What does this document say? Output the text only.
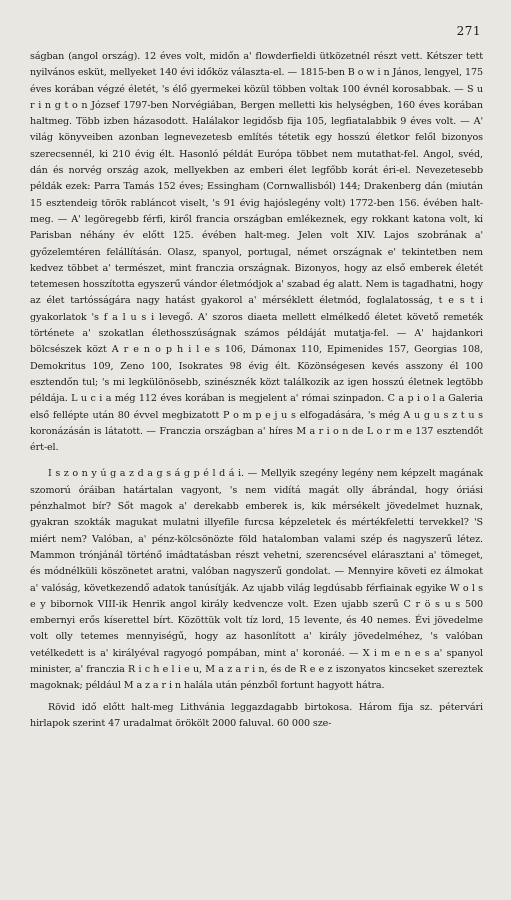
271

ságban (angol ország). 12 éves volt, midőn a' flowderfieldi ütközetnél részt vett. Kétszer tett nyilvános esküt, mellyeket 140 évi időköz választa-el. — 1815-ben B o w i n János, lengyel, 175 éves korában végzé életét, 's élő gyermekei közül többen voltak 100 évnél korosabbak. — S u r i n g t o n József 1797-ben Norvégiában, Bergen melletti kis helységben, 160 éves korában haltmeg. Több izben házasodott. Halálakor legidősb fija 105, legfiatalabbik 9 éves volt. — A' világ könyveiben azonban legnevezetesb említés tétetik egy hosszú életkor felől bizonyos szerecsennél, ki 210 évig élt. Hasonló példát Európa többet nem mutathat-fel. Angol, svéd, dán és norvég ország azok, mellyekben az emberi élet legfőbb korát éri-el. Nevezetesebb példák ezek: Parra Tamás 152 éves; Essingham (Cornwallisból) 144; Drakenberg dán (miután 15 esztendeig török rabláncot viselt, 's 91 évig hajóslegény volt) 1772-ben 156. évében halt-meg. — A' legöregebb férfi, kiről francia országban emlékeznek, egy rokkant katona volt, ki Parisban néhány év előtt 125. évében halt-meg. Jelen volt XIV. Lajos szobrának a' győzelemtéren felállításán. Olasz, spanyol, portugal, német országnak e' tekintetben nem kedvez többet a' természet, mint franczia országnak. Bizonyos, hogy az első emberek életét tetemesen hosszította egyszerű vándor életmódjok a' szabad ég alatt. Nem is tagadhatni, hogy az élet tartósságára nagy hatást gyakorol a' mérséklett életmód, foglalatosság, t e s t i gyakorlatok 's f a l u s i levegő. A' szoros diaeta mellett elmélkedő életet követő remeték története a' szokatlan élethosszúságnak számos példáját mutatja-fel. — A' hajdankori bölcsészek közt A r e n o p h i l e s 106, Dámonax 110, Epimenides 157, Georgias 108, Demokritus 109, Zeno 100, Isokrates 98 évig élt. Közönségesen kevés asszony él 100 esztendőn tul; 's mi legkülönösebb, szinésznék közt találkozik az igen hosszú életnek legtöbb példája. L u c i a még 112 éves korában is megjelent a' római szinpadon. C a p i o l a Galeria első fellépte után 80 évvel megbizatott P o m p e j u s elfogadására, 's még A u g u s z t u s koronázásán is látatott. — Franczia országban a' híres M a r i o n de L o r m e 137 esztendőt ért-el.

I s z o n y ú g a z d a g s á g p é l d á i. — Mellyik szegény legény nem képzelt magának szomorú óráiban határtalan vagyont, 's nem vidítá magát olly ábrándal, hogy óriási pénzhalmot bír? Sőt magok a' derekabb emberek is, kik mérsékelt jövedelmet huznak, gyakran szokták magukat mulatni illyefile furcsa képzeletek és mértékfeletti tervekkel? 'S miért nem? Valóban, a' pénz-kölcsönözte föld hatalomban valami szép és nagyszerű létez. Mammon trónjánál történő imádtatásban részt vehetni, szerencsével elárasztani a' tömeget, és módnélküli köszönetet aratni, valóban nagyszerű gondolat. — Mennyire követi ez álmokat a' valóság, következendő adatok tanúsítják. Az ujabb világ legdúsabb férfiainak egyike W o l s e y bibornok VIII-ik Henrik angol király kedvencze volt. Ezen ujabb szerű C r ö s u s 500 embernyi erős kíserettel bírt. Közöttük volt tíz lord, 15 levente, és 40 nemes. Évi jövedelme volt olly tetemes mennyiségű, hogy az hasonlított a' király jövedelméhez, 's valóban vetélkedett is a' királyéval ragyogó pompában, mint a' koronáé. — X i m e n e s a' spanyol minister, a' franczia R i c h e l i e u, M a z a r i n, és de R e e z iszonyatos kincseket szereztek magoknak; például M a z a r i n halála után pénzből fortunt hagyott hátra.

Rövid idő előtt halt-meg Lithvánia leggazdagabb birtokosa. Három fija sz. pétervári hirlapok szerint 47 uradalmat örökölt 2000 faluval. 60 000 sze-
